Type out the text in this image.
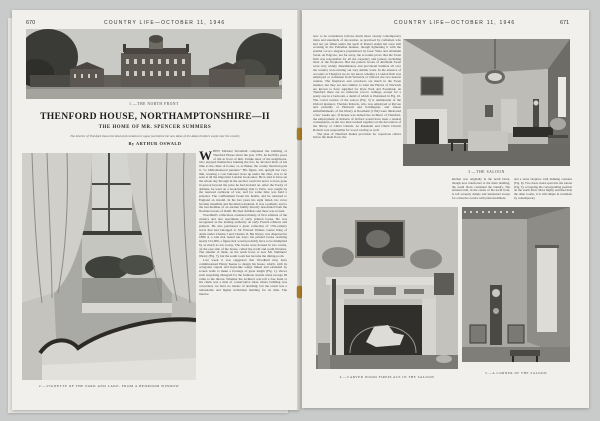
670	COUNTRY LIFE—OCTOBER 11, 1946
1.—THE NORTH FRONT
THENFORD HOUSE, NORTHAMPTONSHIRE—II
THE HOME OF MR. SPENCER SUMMERS
The interior of Thenford shows the kind of decoration in vogue just before the new ideas of the Adam brothers swept over the country
By ARTHUR OSWALD
2.—VIGNETTE OF THE PARK AND LAKE, FROM A BEDROOM WINDOW

WHEN Michael Woodhull completed the building of Thenford House about the year 1765, he had fifty years of life in front of him. Unlike most of his neighbours, who enjoyed themselves hunting the fox, he devoted most of his time to the chase of books, or, as Baker, the county historian puts it, "to bibliomaniacal pursuits." His figure, tall, upright but very thin, wearing a coat buttoned close up under the chin, was to be seen at all the important London book-sales. He is said to have sat the whole day through in the auction room but never to have gone in person beyond the price he had decided on. After the Treaty of Amiens, he went on a book-hunting visit to Paris, was caught by the renewed outbreak of war, and for some time was held a prisoner. The confinement broke his health, and he returned to England an invalid. In his last years his sight failed, his voice became inaudible and his mind wandered. It was a pathetic end to the last member of an ancient family directly descended from the Norman barons of Odell. He died childless and there was no heir.

Woodhull's collections consisted mainly of first editions of the classics and rare specimens of early printed books. He was recognised as the leading authority on early French editions and printers. He also purchased a great collection of 17th-century tracts that had belonged to Sir Edward Walker, Garter King of Arms under Charles I and Charles II. His library was dispersed in 1886 at a sale that lasted ten days; his printed books realising nearly £12,000, a figure that would probably have to be multiplied by as much as ten to-day. The books were housed in two rooms, on the east side of the house, called the north and south libraries. The smaller of them, on the north front, is now Mr. Summers' library (Fig. 7), but the south room has become the dining-room.

Last week it was suggested that Woodhull may have commissioned Henry Keene to design his house, which, with its octagonal cupola and Kent-like wings linked and extended by screen walls to make a frontage of great length (Fig. 1), shows each surprising disregard for the fashions current when George III came to the throne. Whether the architect was left a free hand or his client was a man of conservative ideas where building was concerned, we have no means of deciding; but the result was a remarkable and highly individual building for its time. The interior

COUNTRY LIFE—OCTOBER 11, 1946	671

now to be considered, follows much more closely contemporary ideas and standards of decoration, as practised by craftsmen who had not yet fallen under the spell of Robert Adam but were still working in the Palladian manner, though lightening it with the prettier rococo elegance popularised by Isaac Ware and Abraham Swan. At Edgcote, not far away, the accounts prove that the Swan firm was responsible for all the carpentry and joinery, including most of the fireplaces. But the pattern books of Abraham Swan were very widely disseminated, and provincial builders all over the country were turning out very similar work. In the absence of accounts at Thenford we do not know whether a London firm was employed or craftsmen from Warwick or Oxford, the two nearest centres. The fireplaces and overdoors are much in the Swan manner, but they are also similar to what the Hiorns of Warwick are known to have supplied for Kyre Park and Foremark. At Thenford there are no elaborate rococo ceilings, except for a pretty one in a bedroom, a detail of which is illustrated in Fig. 10. The coved cornice of the saloon (Fig. 3) is reminiscent of the Oxford plasterer, Thomas Roberts, who was employed at Rycote and probably at Hartwell and Kirtlington, and whose embellishments, of the library at Rousham (1764) were illustrated a few weeks ago. If Keene was indeed the architect of Thenford, the employment of Roberts of Oxford would have been a natural consequence, as the two men worked together on the decoration of the library at Christ Church. At Rousham and Christ Church Roberts was responsible for wood carving as well.

The plan of Thenford makes provision for capacious cellars below the main floor; the

3.—THE SALOON

kitchen was originally in the north block, though now transferred to the main building; the south block contained the laundry. The entrance hall, in the centre of the north front, is left severely simple and unadorned except for a massive cornice with plain modillions

and a stone fireplace with flanking consoles (Fig. 6). Two doors stand open into the saloon (Fig. 3), occupying the corresponding position on the south front. More highly enriched than the other rooms, it is still simple in treatment by contemporary

4.—CARVED WOOD FIREPLACE IN THE SALOON
5.—A CORNER OF THE SALOON
